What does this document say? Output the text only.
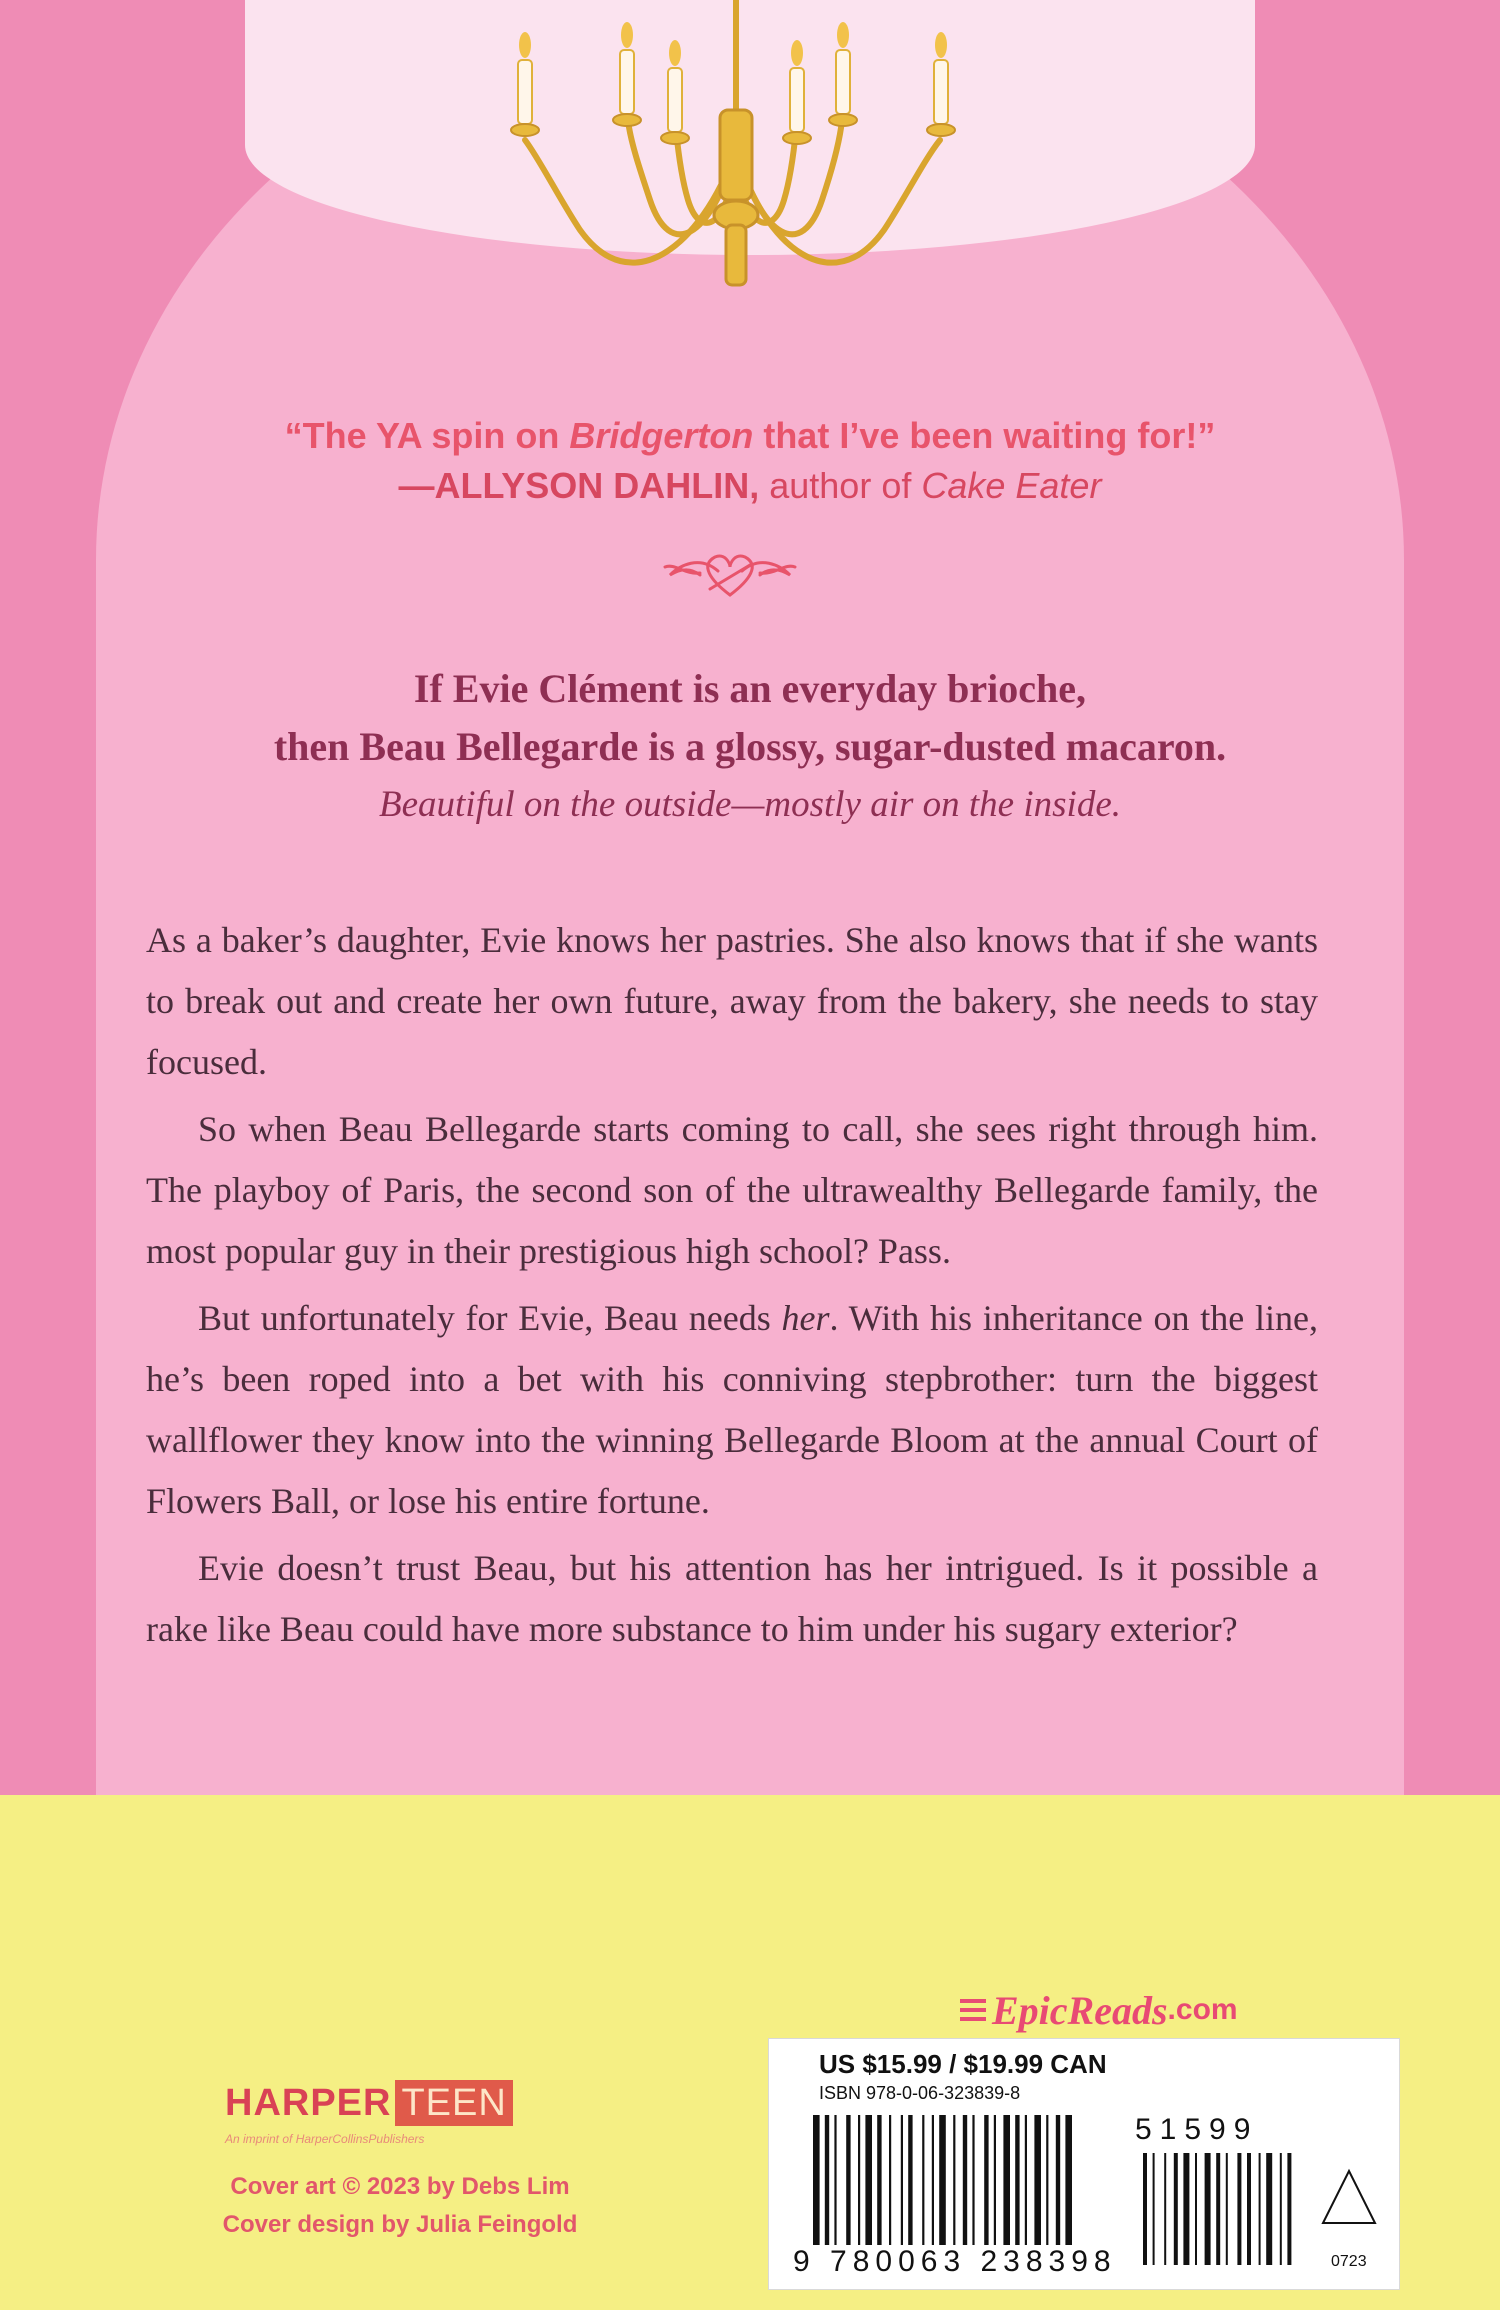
“The YA spin on Bridgerton that I’ve been waiting for!”

—ALLYSON DAHLIN, author of Cake Eater

If Evie Clément is an everyday brioche,

then Beau Bellegarde is a glossy, sugar-dusted macaron.

Beautiful on the outside—mostly air on the inside.

As a baker’s daughter, Evie knows her pastries. She also knows that if she wants to break out and create her own future, away from the bakery, she needs to stay focused.

So when Beau Bellegarde starts coming to call, she sees right through him. The playboy of Paris, the second son of the ultrawealthy Bellegarde family, the most popular guy in their prestigious high school? Pass.

But unfortunately for Evie, Beau needs her. With his inheritance on the line, he’s been roped into a bet with his conniving stepbrother: turn the biggest wallflower they know into the winning Bellegarde Bloom at the annual Court of Flowers Ball, or lose his entire fortune.

Evie doesn’t trust Beau, but his attention has her intrigued. Is it possible a rake like Beau could have more substance to him under his sugary exterior?

EpicReads .com
HARPER TEEN
An imprint of HarperCollinsPublishers

Cover art © 2023 by Debs Lim

Cover design by Julia Feingold

US $15.99 / $19.99 CAN
ISBN 978-0-06-323839-8
9 780063 238398
51599
0723
